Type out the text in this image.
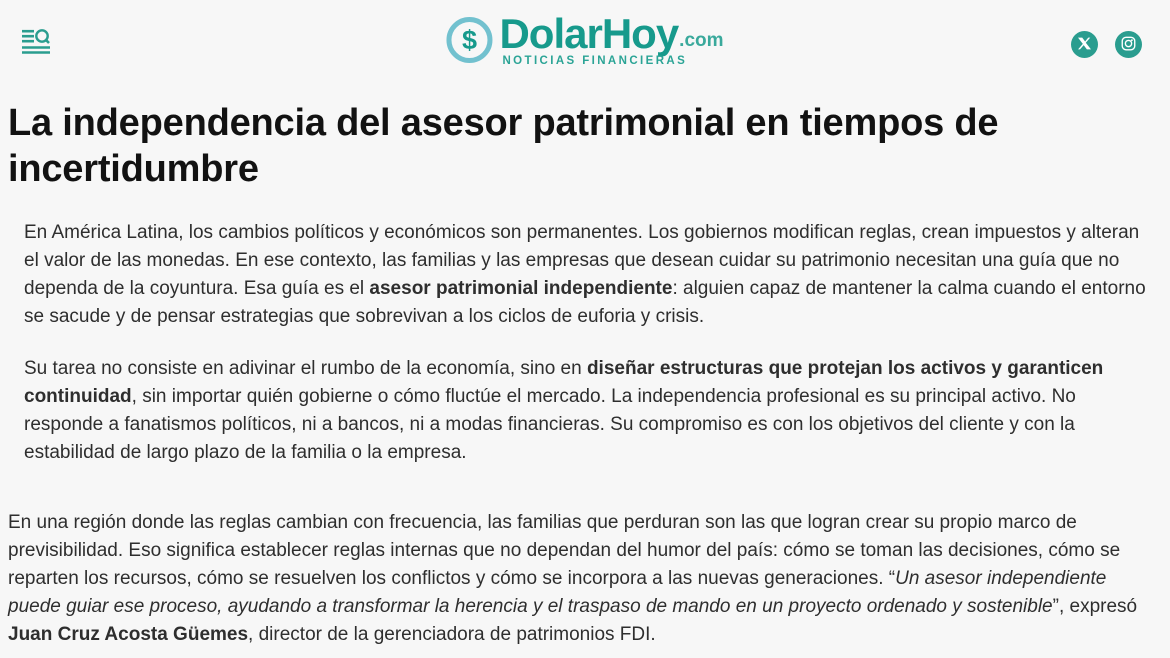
$ DolarHoy .com
NOTICIAS FINANCIERAS
La independencia del asesor patrimonial en tiempos de incertidumbre

En América Latina, los cambios políticos y económicos son permanentes. Los gobiernos modifican reglas, crean impuestos y alteran el valor de las monedas. En ese contexto, las familias y las empresas que desean cuidar su patrimonio necesitan una guía que no dependa de la coyuntura. Esa guía es el asesor patrimonial independiente: alguien capaz de mantener la calma cuando el entorno se sacude y de pensar estrategias que sobrevivan a los ciclos de euforia y crisis.

Su tarea no consiste en adivinar el rumbo de la economía, sino en diseñar estructuras que protejan los activos y garanticen continuidad, sin importar quién gobierne o cómo fluctúe el mercado. La independencia profesional es su principal activo. No responde a fanatismos políticos, ni a bancos, ni a modas financieras. Su compromiso es con los objetivos del cliente y con la estabilidad de largo plazo de la familia o la empresa.

En una región donde las reglas cambian con frecuencia, las familias que perduran son las que logran crear su propio marco de previsibilidad. Eso significa establecer reglas internas que no dependan del humor del país: cómo se toman las decisiones, cómo se reparten los recursos, cómo se resuelven los conflictos y cómo se incorpora a las nuevas generaciones. “Un asesor independiente puede guiar ese proceso, ayudando a transformar la herencia y el traspaso de mando en un proyecto ordenado y sostenible”, expresó Juan Cruz Acosta Güemes, director de la gerenciadora de patrimonios FDI.
